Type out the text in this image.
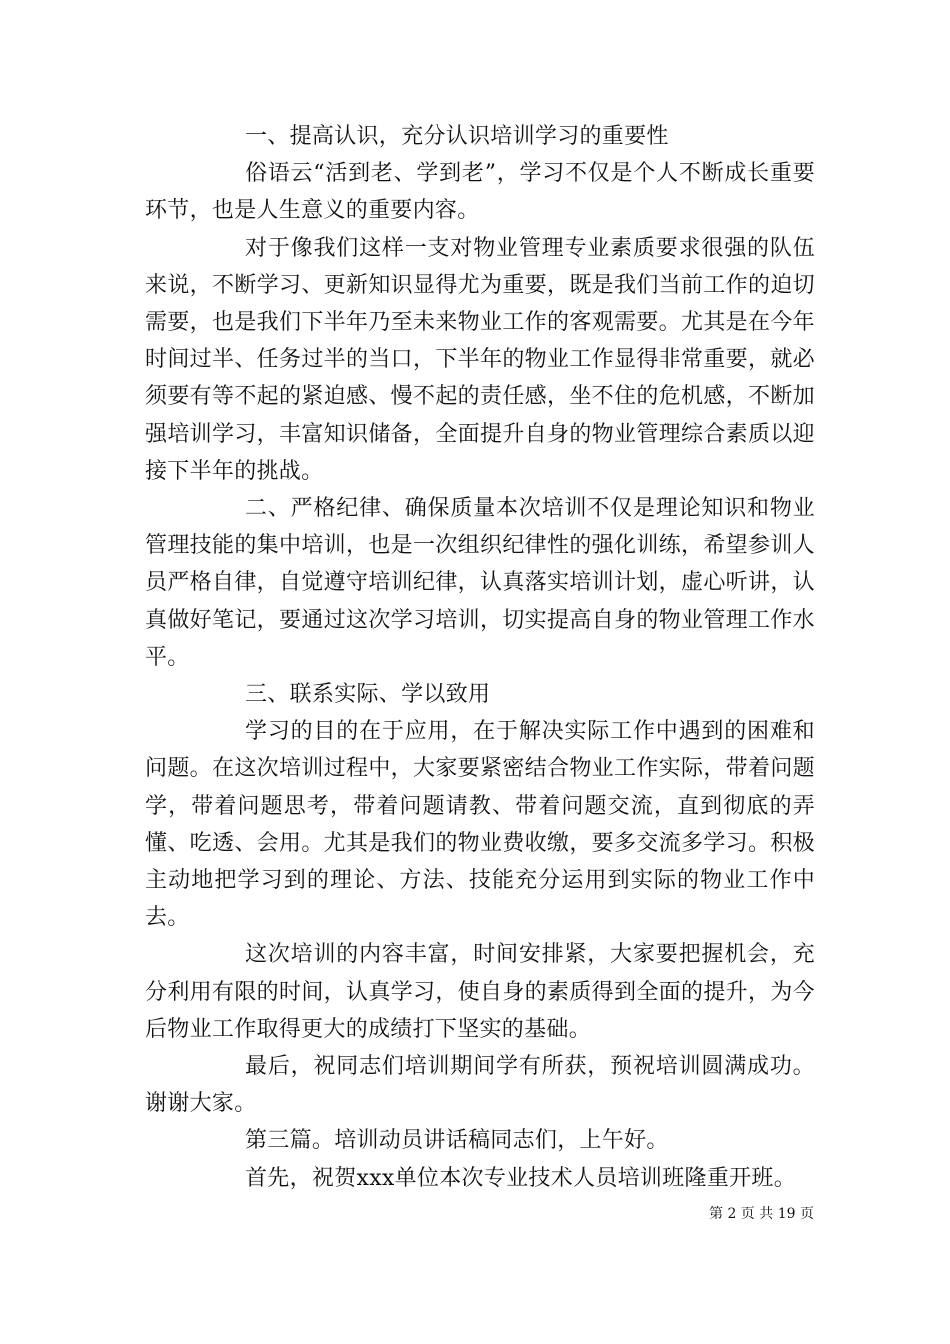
一、提高认识，充分认识培训学习的重要性

俗语云“活到老、学到老”，学习不仅是个人不断成长重要环节，也是人生意义的重要内容。

对于像我们这样一支对物业管理专业素质要求很强的队伍来说，不断学习、更新知识显得尤为重要，既是我们当前工作的迫切需要，也是我们下半年乃至未来物业工作的客观需要。尤其是在今年时间过半、任务过半的当口，下半年的物业工作显得非常重要，就必须要有等不起的紧迫感、慢不起的责任感，坐不住的危机感，不断加强培训学习，丰富知识储备，全面提升自身的物业管理综合素质以迎接下半年的挑战。

二、严格纪律、确保质量本次培训不仅是理论知识和物业管理技能的集中培训，也是一次组织纪律性的强化训练，希望参训人员严格自律，自觉遵守培训纪律，认真落实培训计划，虚心听讲，认真做好笔记，要通过这次学习培训，切实提高自身的物业管理工作水平。

三、联系实际、学以致用

学习的目的在于应用，在于解决实际工作中遇到的困难和问题。在这次培训过程中，大家要紧密结合物业工作实际，带着问题学，带着问题思考，带着问题请教、带着问题交流，直到彻底的弄懂、吃透、会用。尤其是我们的物业费收缴，要多交流多学习。积极主动地把学习到的理论、方法、技能充分运用到实际的物业工作中去。

这次培训的内容丰富，时间安排紧，大家要把握机会，充分利用有限的时间，认真学习，使自身的素质得到全面的提升，为今后物业工作取得更大的成绩打下坚实的基础。

最后，祝同志们培训期间学有所获，预祝培训圆满成功。谢谢大家。

第三篇。培训动员讲话稿同志们，上午好。

首先，祝贺xxx单位本次专业技术人员培训班隆重开班。

第 2 页 共 19 页
